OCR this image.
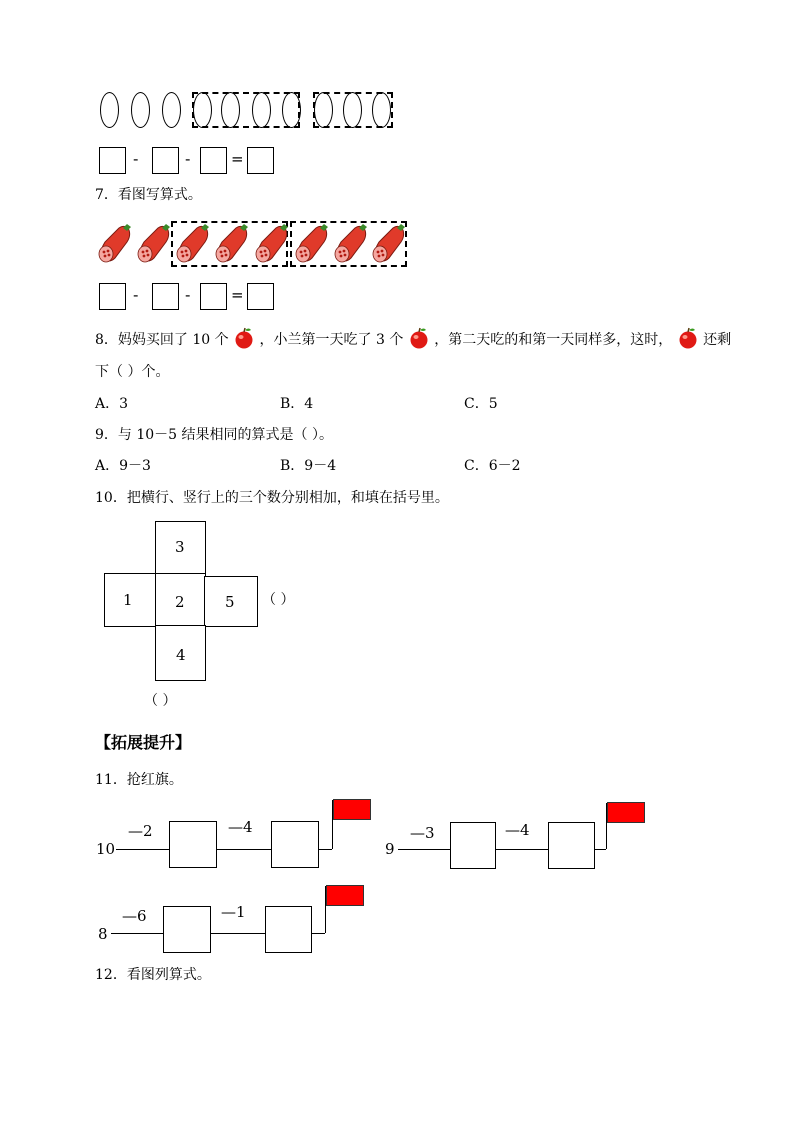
-	-	=
7．看图写算式。
-	-	=
8．妈妈买回了 10 个 ，小兰第一天吃了 3 个 ，第二天吃的和第一天同样多，这时， 还剩
下（ ）个。
A．3	B．4	C．5
9．与 10－5 结果相同的算式是（ ）。
A．9－3	B．9－4	C．6－2
10．把横行、竖行上的三个数分别相加，和填在括号里。
3
1	2	5
4
（ ）
（ ）
【拓展提升】
11．抢红旗。
10
—2	—4
9
—3	—4
8
—6	—1
12．看图列算式。
